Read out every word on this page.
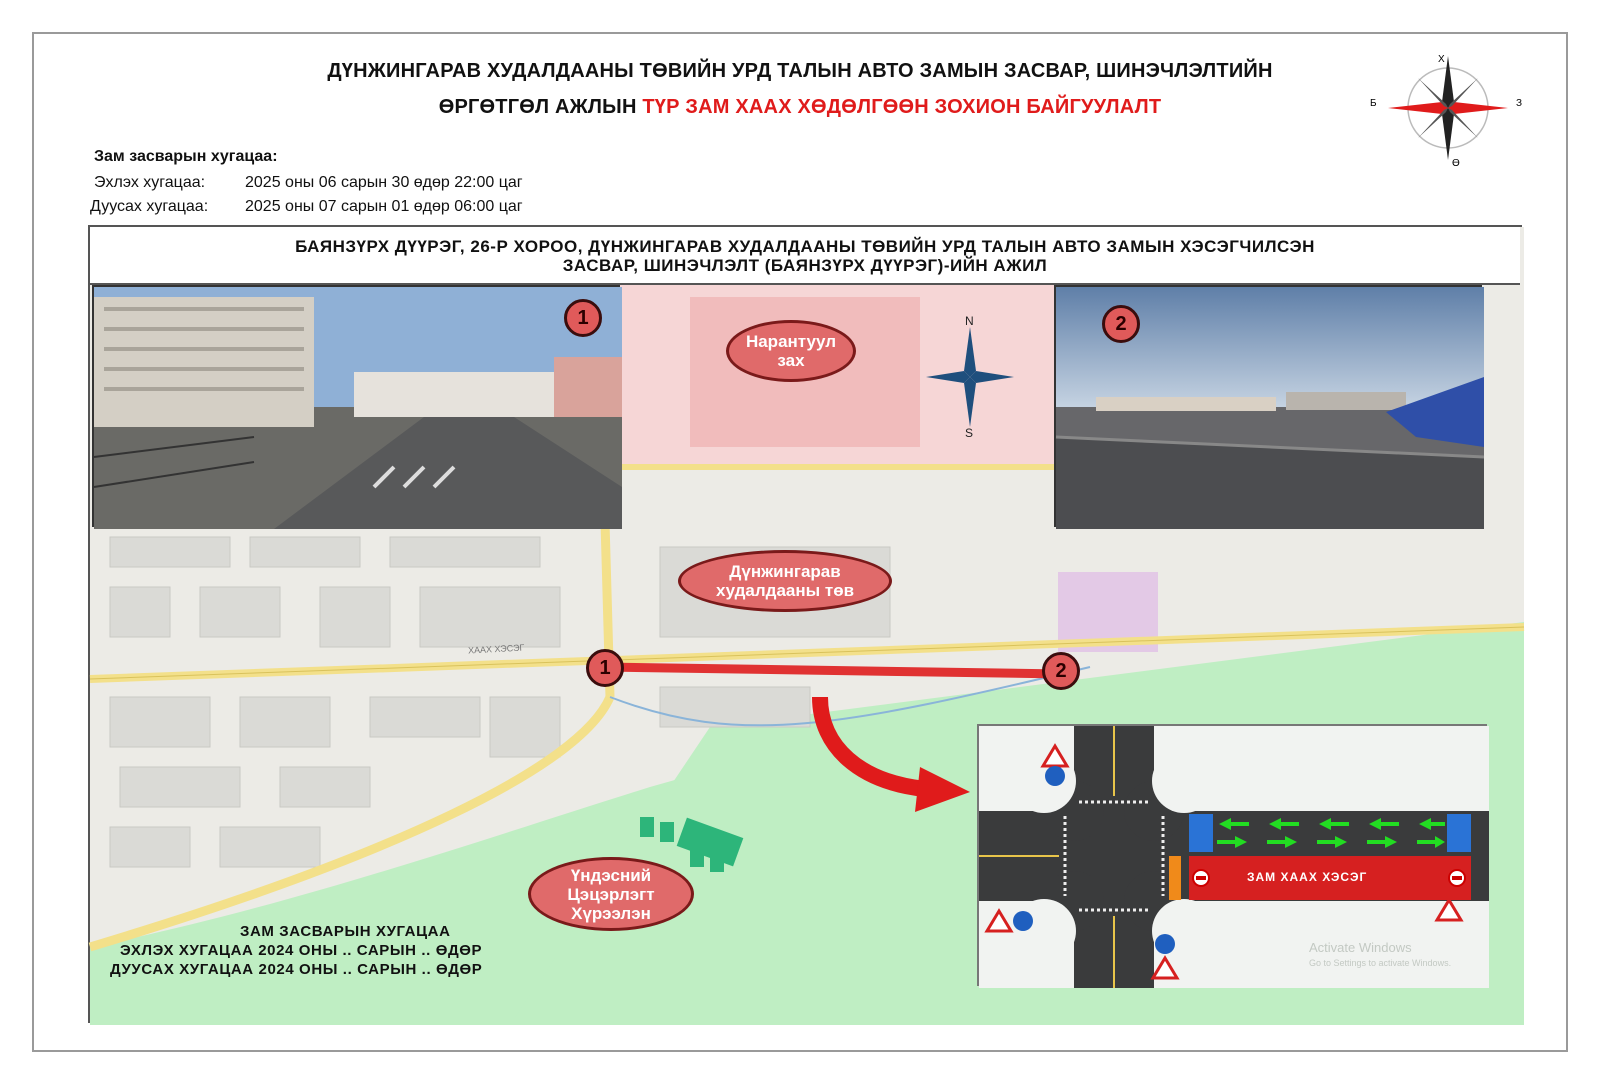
ДҮНЖИНГАРАВ ХУДАЛДААНЫ ТӨВИЙН УРД ТАЛЫН АВТО ЗАМЫН ЗАСВАР, ШИНЭЧЛЭЛТИЙН
ӨРГӨТГӨЛ АЖЛЫН ТҮР ЗАМ ХААХ ХӨДӨЛГӨӨН ЗОХИОН БАЙГУУЛАЛТ
Зам засварын хугацаа:
Эхлэх хугацаа: 2025 оны 06 сарын 30 өдөр 22:00 цаг
Дуусах хугацаа: 2025 оны 07 сарын 01 өдөр 06:00 цаг
Х
Ө
Б	З
БАЯНЗҮРХ ДҮҮРЭГ, 26-Р ХОРОО, ДҮНЖИНГАРАВ ХУДАЛДААНЫ ТӨВИЙН УРД ТАЛЫН АВТО ЗАМЫН ХЭСЭГЧИЛСЭН
ЗАСВАР, ШИНЭЧЛЭЛТ (БАЯНЗҮРХ ДҮҮРЭГ)-ИЙН АЖИЛ
1	2
N
S
Нарантуул
зах
Дүнжингарав
худалдааны төв
Үндэсний
Цэцэрлэгт
Хүрээлэн
ХААХ ХЭСЭГ
1	2
ЗАМ ЗАСВАРЫН ХУГАЦАА
ЭХЛЭХ ХУГАЦАА 2024 ОНЫ .. САРЫН .. ӨДӨР
ДУУСАХ ХУГАЦАА 2024 ОНЫ .. САРЫН .. ӨДӨР
ЗАМ ХААХ ХЭСЭГ
Activate Windows
Go to Settings to activate Windows.
